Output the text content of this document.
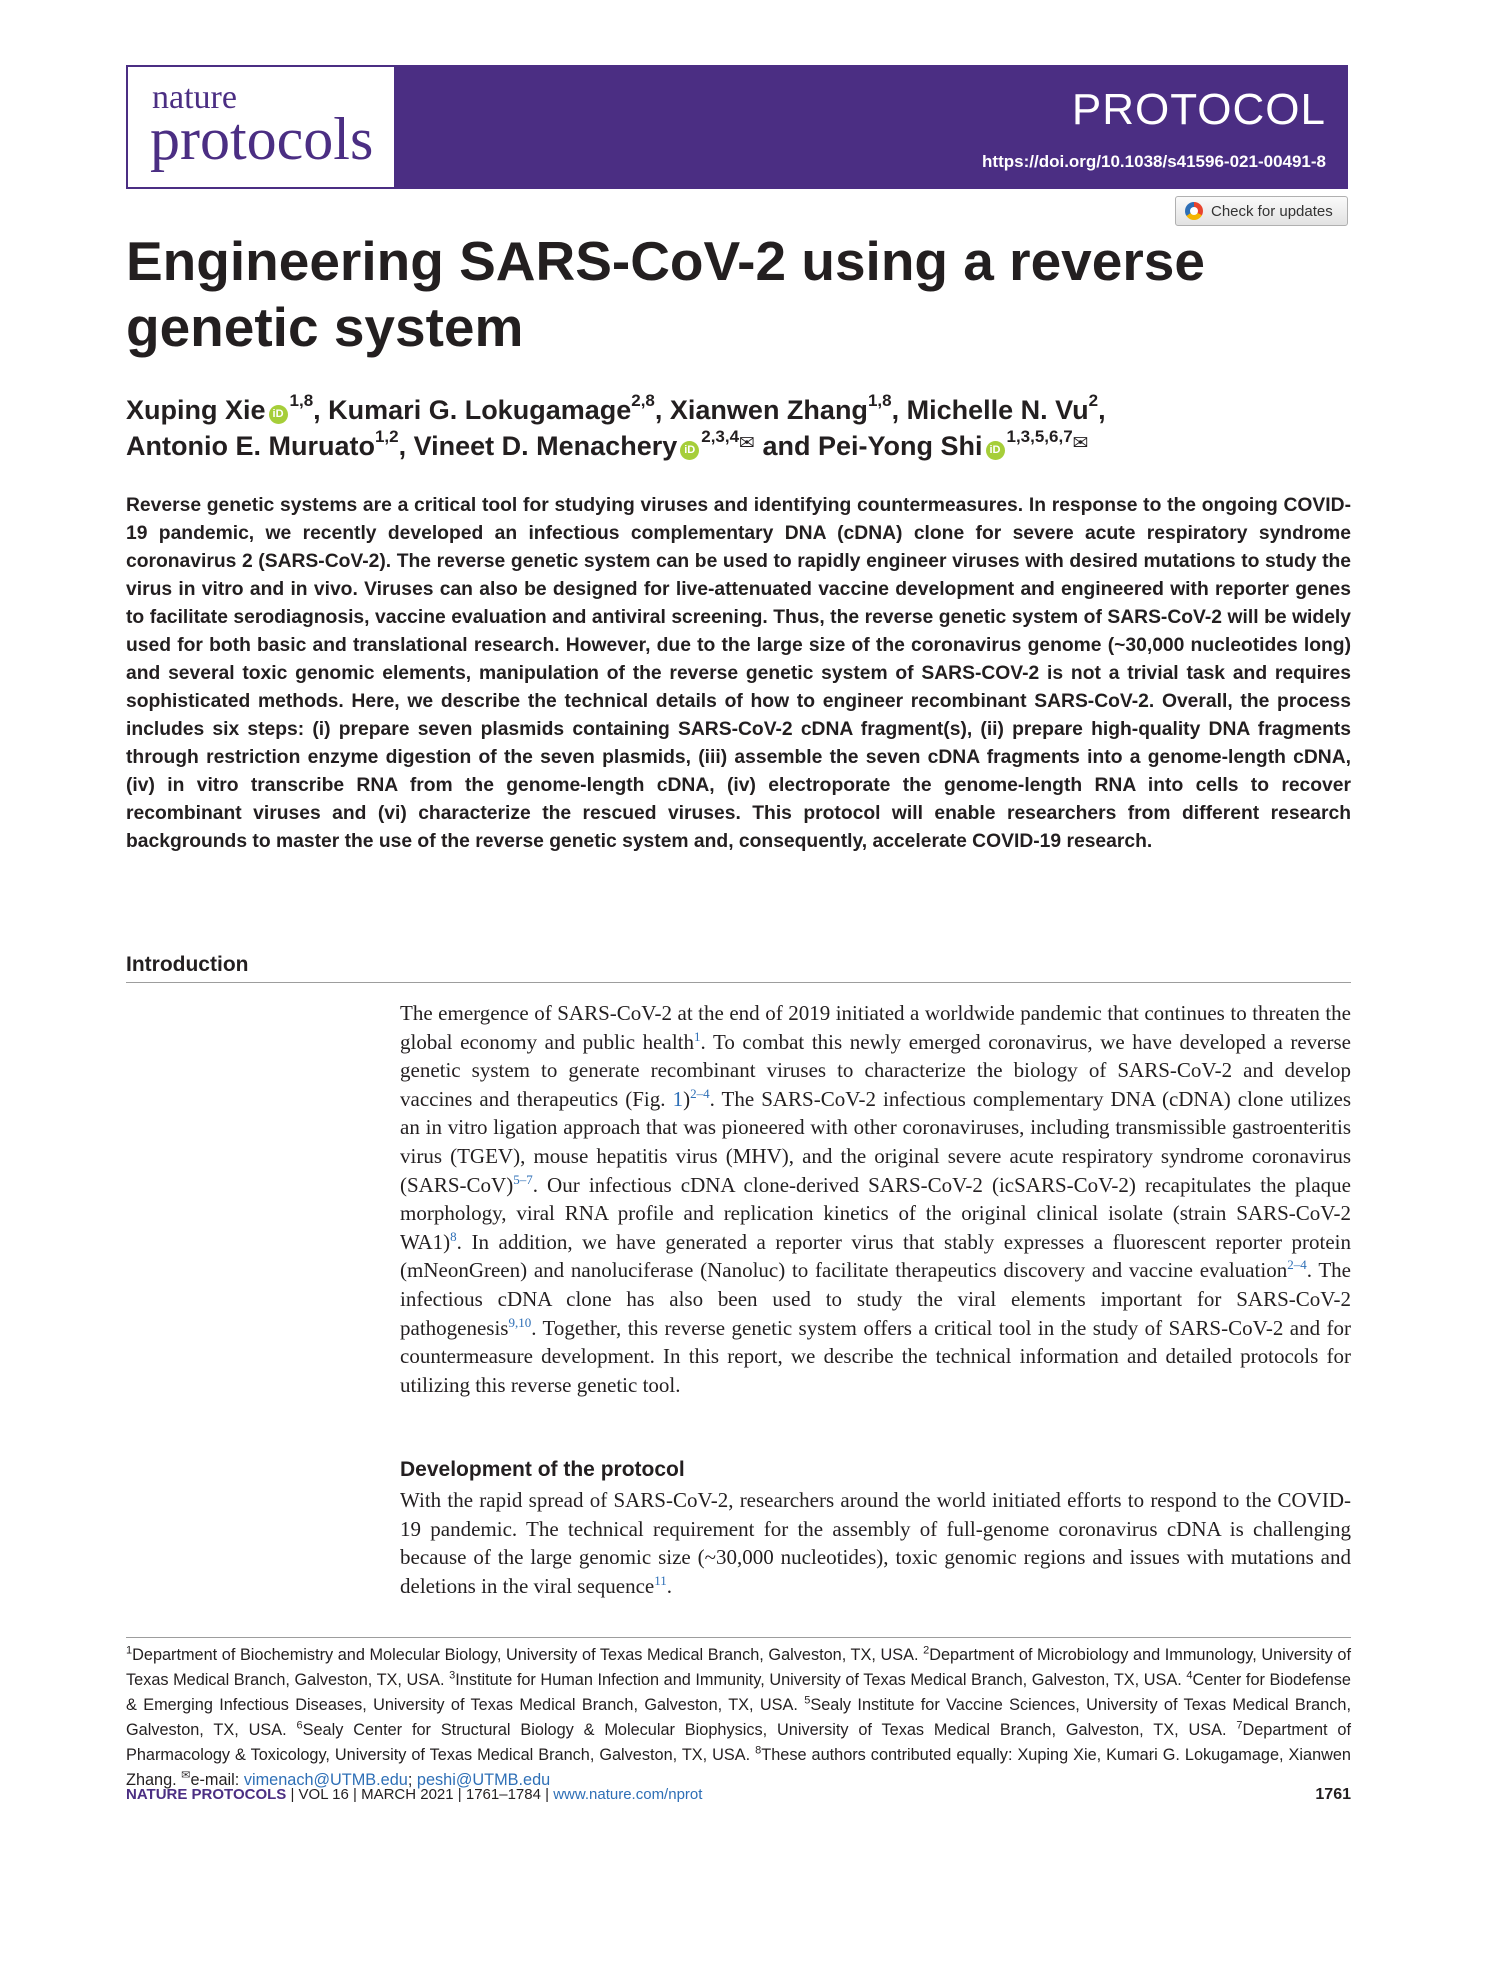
nature
protocols	PROTOCOL
https://doi.org/10.1038/s41596-021-00491-8
Check for updates
Engineering SARS-CoV-2 using a reverse genetic system

Xuping Xie iD$^{1,8}$, Kumari G. Lokugamage$^{2,8}$, Xianwen Zhang$^{1,8}$, Michelle N. Vu$^2$,
Antonio E. Muruato$^{1,2}$, Vineet D. Menachery $iD^{2,3,4✉}$ and Pei-Yong Shi $iD^{1,3,5,6,7✉}$

Reverse genetic systems are a critical tool for studying viruses and identifying countermeasures. In response to the ongoing COVID-19 pandemic, we recently developed an infectious complementary DNA (cDNA) clone for severe acute respiratory syndrome coronavirus 2 (SARS-CoV-2). The reverse genetic system can be used to rapidly engineer viruses with desired mutations to study the virus in vitro and in vivo. Viruses can also be designed for live-attenuated vaccine development and engineered with reporter genes to facilitate serodiagnosis, vaccine evaluation and antiviral screening. Thus, the reverse genetic system of SARS-CoV-2 will be widely used for both basic and translational research. However, due to the large size of the coronavirus genome (~30,000 nucleotides long) and several toxic genomic elements, manipulation of the reverse genetic system of SARS-COV-2 is not a trivial task and requires sophisticated methods. Here, we describe the technical details of how to engineer recombinant SARS-CoV-2. Overall, the process includes six steps: (i) prepare seven plasmids containing SARS-CoV-2 cDNA fragment(s), (ii) prepare high-quality DNA fragments through restriction enzyme digestion of the seven plasmids, (iii) assemble the seven cDNA fragments into a genome-length cDNA, (iv) in vitro transcribe RNA from the genome-length cDNA, (iv) electroporate the genome-length RNA into cells to recover recombinant viruses and (vi) characterize the rescued viruses. This protocol will enable researchers from different research backgrounds to master the use of the reverse genetic system and, consequently, accelerate COVID-19 research.

Introduction

The emergence of SARS-CoV-2 at the end of 2019 initiated a worldwide pandemic that continues to threaten the global economy and public health$^1$. To combat this newly emerged coronavirus, we have developed a reverse genetic system to generate recombinant viruses to characterize the biology of SARS-CoV-2 and develop vaccines and therapeutics (Fig. 1)$^{2-4}$. The SARS-CoV-2 infectious complementary DNA (cDNA) clone utilizes an in vitro ligation approach that was pioneered with other coronaviruses, including transmissible gastroenteritis virus (TGEV), mouse hepatitis virus (MHV), and the original severe acute respiratory syndrome coronavirus (SARS-CoV)$^{5-7}$. Our infectious cDNA clone-derived SARS-CoV-2 (icSARS-CoV-2) recapitulates the plaque morphology, viral RNA profile and replication kinetics of the original clinical isolate (strain SARS-CoV-2 WA1)$^8$. In addition, we have generated a reporter virus that stably expresses a fluorescent reporter protein (mNeonGreen) and nanoluciferase (Nanoluc) to facilitate therapeutics discovery and vaccine evaluation$^{2-4}$. The infectious cDNA clone has also been used to study the viral elements important for SARS-CoV-2 pathogenesis$^{9,10}$. Together, this reverse genetic system offers a critical tool in the study of SARS-CoV-2 and for countermeasure development. In this report, we describe the technical information and detailed protocols for utilizing this reverse genetic tool.

Development of the protocol

With the rapid spread of SARS-CoV-2, researchers around the world initiated efforts to respond to the COVID-19 pandemic. The technical requirement for the assembly of full-genome coronavirus cDNA is challenging because of the large genomic size (~30,000 nucleotides), toxic genomic regions and issues with mutations and deletions in the viral sequence$^{11}$.

$^1$Department of Biochemistry and Molecular Biology, University of Texas Medical Branch, Galveston, TX, USA. $^2$Department of Microbiology and Immunology, University of Texas Medical Branch, Galveston, TX, USA. $^3$Institute for Human Infection and Immunity, University of Texas Medical Branch, Galveston, TX, USA. $^4$Center for Biodefense & Emerging Infectious Diseases, University of Texas Medical Branch, Galveston, TX, USA. $^5$Sealy Institute for Vaccine Sciences, University of Texas Medical Branch, Galveston, TX, USA. $^6$Sealy Center for Structural Biology & Molecular Biophysics, University of Texas Medical Branch, Galveston, TX, USA. $^7$Department of Pharmacology & Toxicology, University of Texas Medical Branch, Galveston, TX, USA. $^8$These authors contributed equally: Xuping Xie, Kumari G. Lokugamage, Xianwen Zhang. ✉e-mail: vimenach@UTMB.edu; peshi@UTMB.edu

NATURE PROTOCOLS | VOL 16 | MARCH 2021 | 1761–1784 | www.nature.com/nprot	1761
